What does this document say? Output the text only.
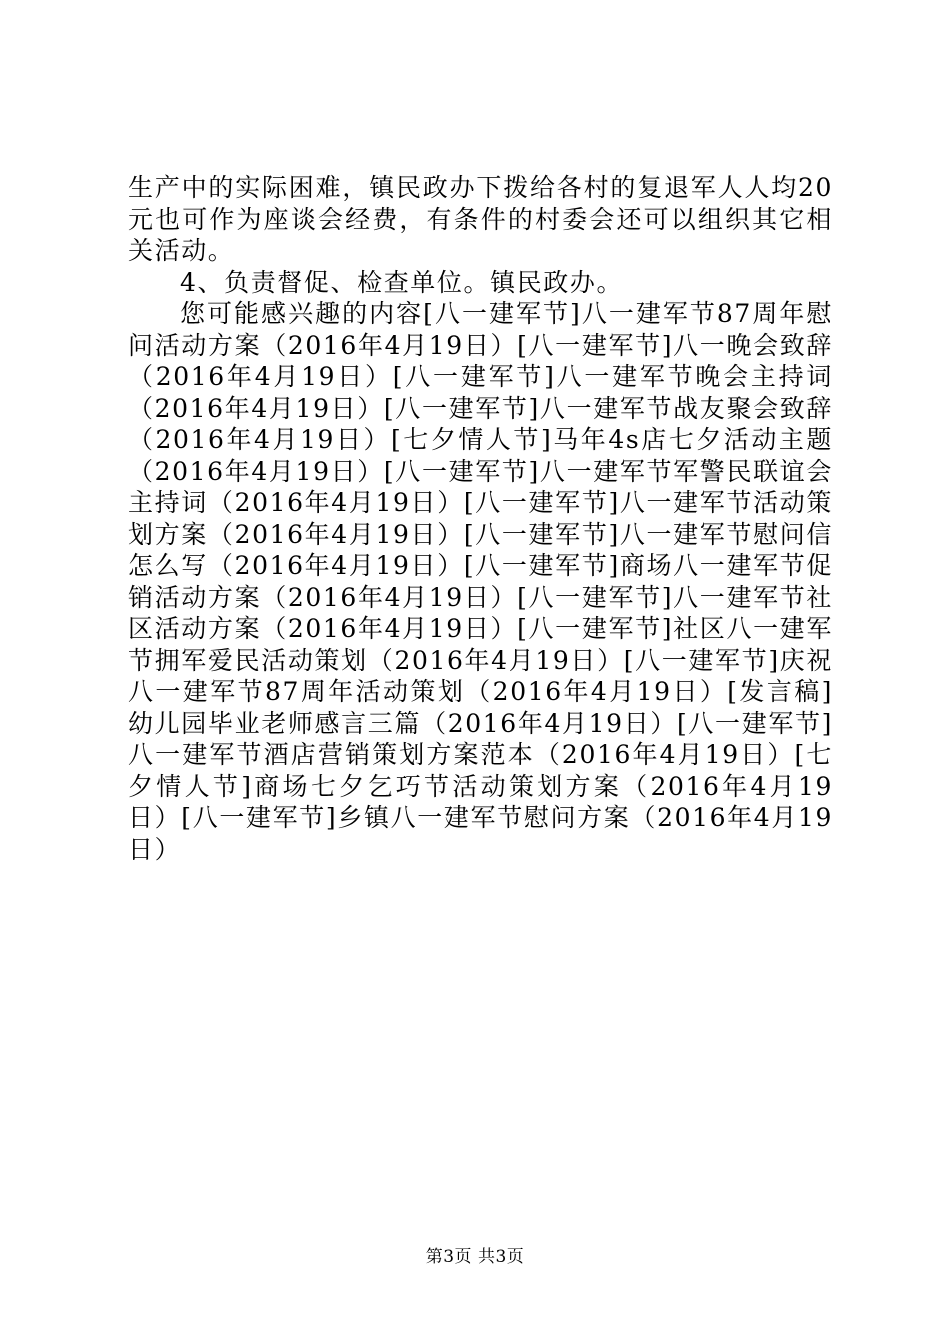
生产中的实际困难，镇民政办下拨给各村的复退军人人均20元也可作为座谈会经费，有条件的村委会还可以组织其它相关活动。

4、负责督促、检查单位。镇民政办。

您可能感兴趣的内容[八一建军节]八一建军节87周年慰问活动方案（2016年4月19日）[八一建军节]八一晚会致辞（2016年4月19日）[八一建军节]八一建军节晚会主持词（2016年4月19日）[八一建军节]八一建军节战友聚会致辞（2016年4月19日）[七夕情人节]马年4s店七夕活动主题（2016年4月19日）[八一建军节]八一建军节军警民联谊会主持词（2016年4月19日）[八一建军节]八一建军节活动策划方案（2016年4月19日）[八一建军节]八一建军节慰问信怎么写（2016年4月19日）[八一建军节]商场八一建军节促销活动方案（2016年4月19日）[八一建军节]八一建军节社区活动方案（2016年4月19日）[八一建军节]社区八一建军节拥军爱民活动策划（2016年4月19日）[八一建军节]庆祝八一建军节87周年活动策划（2016年4月19日）[发言稿]幼儿园毕业老师感言三篇（2016年4月19日）[八一建军节]八一建军节酒店营销策划方案范本（2016年4月19日）[七夕情人节]商场七夕乞巧节活动策划方案（2016年4月19日）[八一建军节]乡镇八一建军节慰问方案（2016年4月19日）

第3页 共3页
